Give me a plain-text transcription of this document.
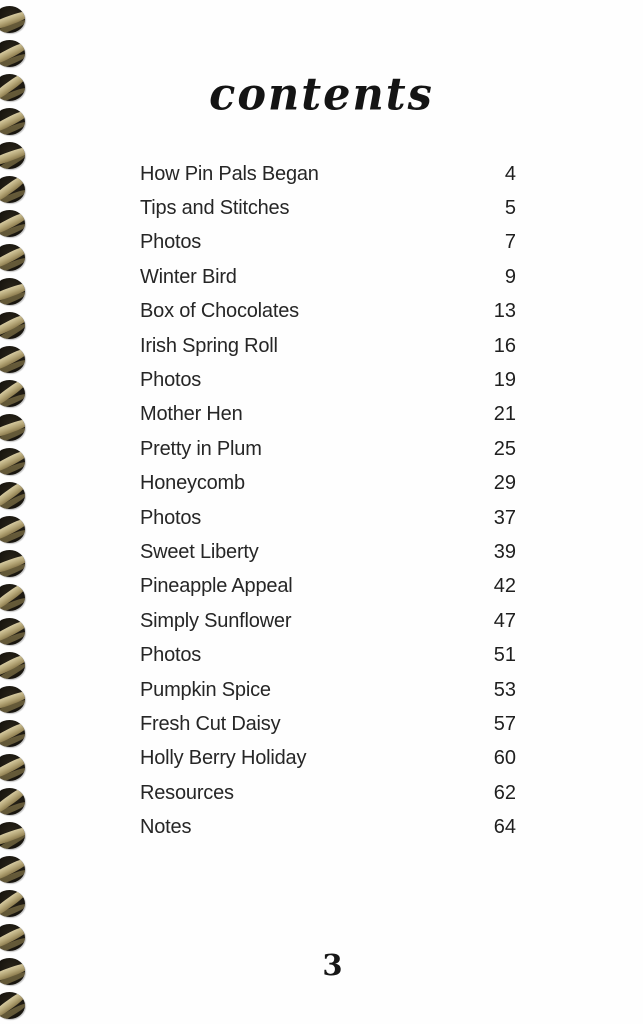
contents
How Pin Pals Began	4
Tips and Stitches	5
Photos	7
Winter Bird	9
Box of Chocolates	13
Irish Spring Roll	16
Photos	19
Mother Hen	21
Pretty in Plum	25
Honeycomb	29
Photos	37
Sweet Liberty	39
Pineapple Appeal	42
Simply Sunflower	47
Photos	51
Pumpkin Spice	53
Fresh Cut Daisy	57
Holly Berry Holiday	60
Resources	62
Notes	64
3
